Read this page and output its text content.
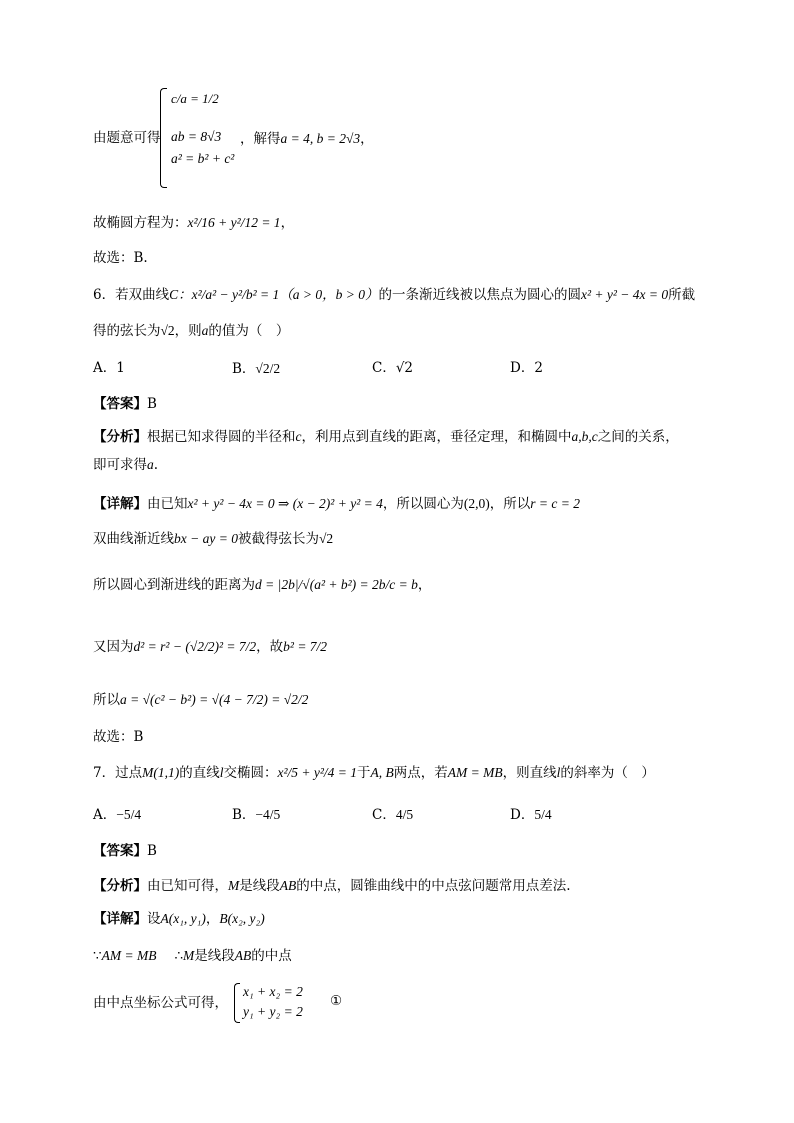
由题意可得
c/a = 1/2
ab = 8√3
a² = b² + c²
，解得a = 4, b = 2√3，
故椭圆方程为：x²/16 + y²/12 = 1，
故选：B.
6．若双曲线C：x²/a² − y²/b² = 1（a > 0，b > 0）的一条渐近线被以焦点为圆心的圆x² + y² − 4x = 0所截
得的弦长为√2，则a的值为（　）
A．1	B．√2/2	C．√2	D．2
【答案】B
【分析】根据已知求得圆的半径和c，利用点到直线的距离，垂径定理，和椭圆中a,b,c之间的关系，
即可求得a.
【详解】由已知x² + y² − 4x = 0 ⇒ (x − 2)² + y² = 4，所以圆心为(2,0)，所以r = c = 2
双曲线渐近线bx − ay = 0被截得弦长为√2
所以圆心到渐进线的距离为d = |2b|/√(a² + b²) = 2b/c = b，
又因为d² = r² − (√2/2)² = 7/2，故b² = 7/2
所以a = √(c² − b²) = √(4 − 7/2) = √2/2
故选：B
7．过点M(1,1)的直线l交椭圆：x²/5 + y²/4 = 1于A, B两点，若AM = MB，则直线l的斜率为（　）
A．−5/4	B．−4/5	C．4/5	D．5/4
【答案】B
【分析】由已知可得，M是线段AB的中点，圆锥曲线中的中点弦问题常用点差法.
【详解】设A(x₁, y₁)，B(x₂, y₂)
∵AM = MB ∴M是线段AB的中点
由中点坐标公式可得，
x₁ + x₂ = 2
y₁ + y₂ = 2
①
